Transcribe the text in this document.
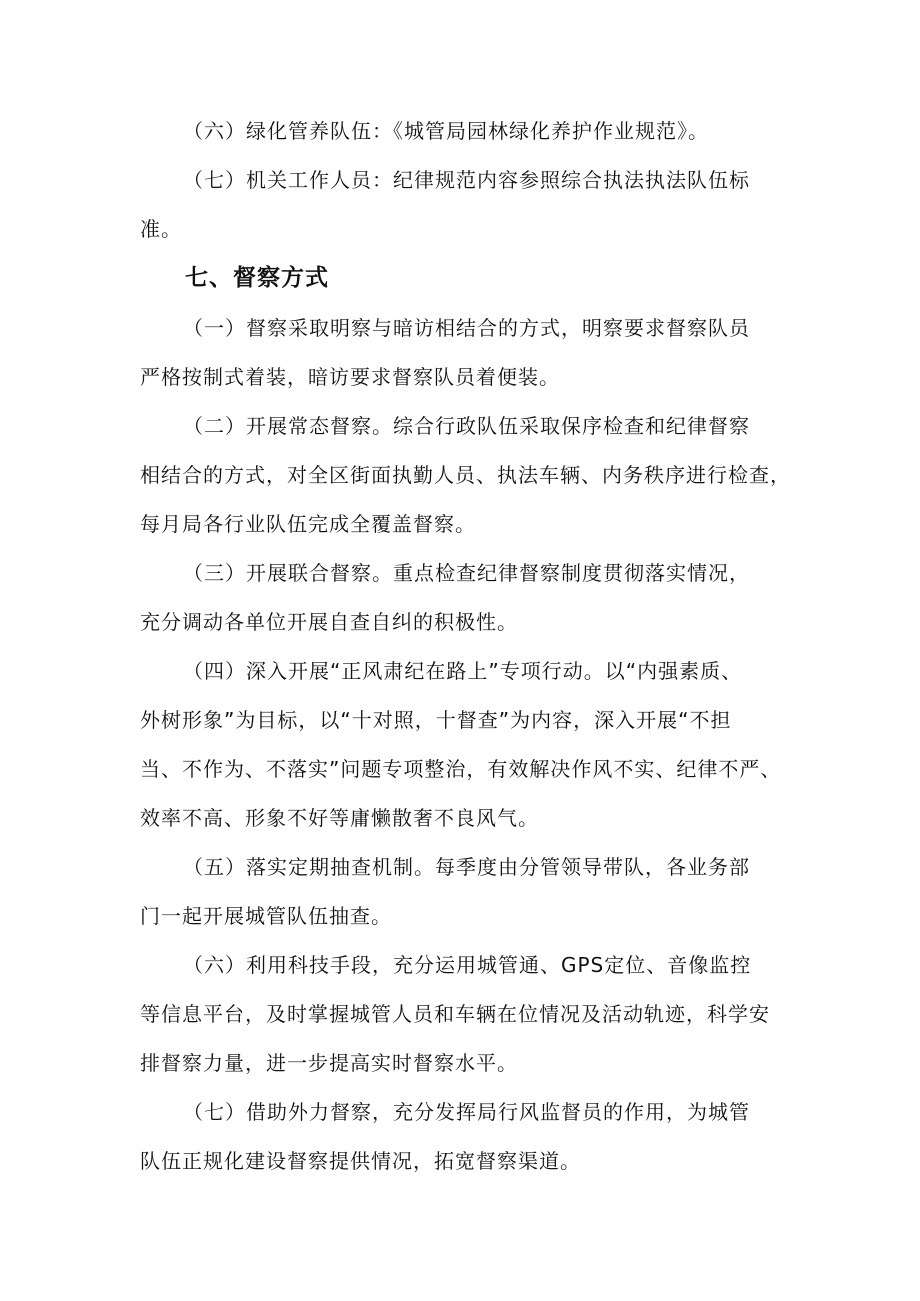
（六）绿化管养队伍：《城管局园林绿化养护作业规范》。
（七）机关工作人员：纪律规范内容参照综合执法执法队伍标
准。
七、督察方式
（一）督察采取明察与暗访相结合的方式，明察要求督察队员
严格按制式着装，暗访要求督察队员着便装。
（二）开展常态督察。综合行政队伍采取保序检查和纪律督察
相结合的方式，对全区街面执勤人员、执法车辆、内务秩序进行检查，
每月局各行业队伍完成全覆盖督察。
（三）开展联合督察。重点检查纪律督察制度贯彻落实情况，
充分调动各单位开展自查自纠的积极性。
（四）深入开展“正风肃纪在路上”专项行动。以“内强素质、
外树形象”为目标，以“十对照，十督查”为内容，深入开展“不担
当、不作为、不落实”问题专项整治，有效解决作风不实、纪律不严、
效率不高、形象不好等庸懒散奢不良风气。
（五）落实定期抽查机制。每季度由分管领导带队，各业务部
门一起开展城管队伍抽查。
（六）利用科技手段，充分运用城管通、GPS定位、音像监控
等信息平台，及时掌握城管人员和车辆在位情况及活动轨迹，科学安
排督察力量，进一步提高实时督察水平。
（七）借助外力督察，充分发挥局行风监督员的作用，为城管
队伍正规化建设督察提供情况，拓宽督察渠道。
